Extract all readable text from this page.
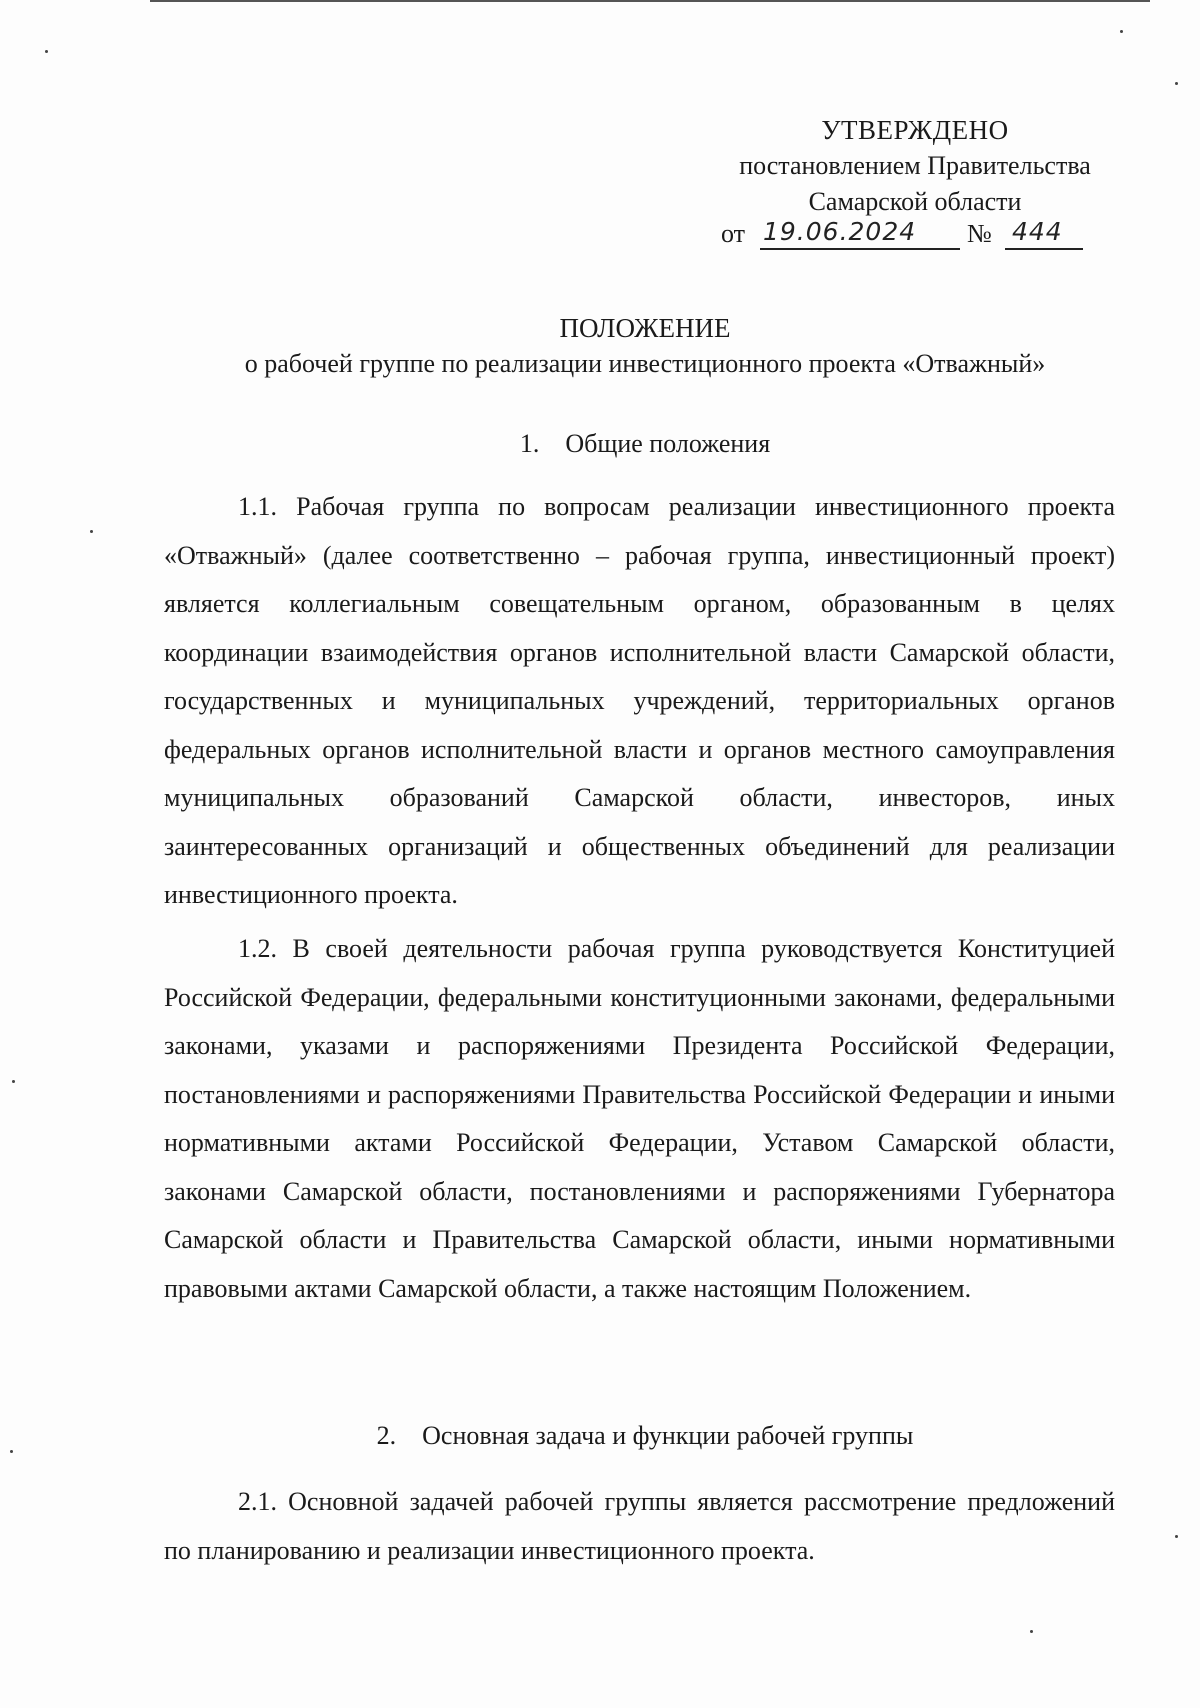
УТВЕРЖДЕНО
постановлением Правительства
Самарской области
от 19.06.2024 № 444
ПОЛОЖЕНИЕ
о рабочей группе по реализации инвестиционного проекта «Отважный»
1. Общие положения

1.1. Рабочая группа по вопросам реализации инвестиционного проекта «Отважный» (далее соответственно – рабочая группа, инвестиционный проект) является коллегиальным совещательным органом, образованным в целях координации взаимодействия органов исполнительной власти Самарской области, государственных и муниципальных учреждений, территориальных органов федеральных органов исполнительной власти и органов местного самоуправления муниципальных образований Самарской области, инвесторов, иных заинтересованных организаций и общественных объединений для реализации инвестиционного проекта.

1.2. В своей деятельности рабочая группа руководствуется Конституцией Российской Федерации, федеральными конституционными законами, федеральными законами, указами и распоряжениями Президента Российской Федерации, постановлениями и распоряжениями Правительства Российской Федерации и иными нормативными актами Российской Федерации, Уставом Самарской области, законами Самарской области, постановлениями и распоряжениями Губернатора Самарской области и Правительства Самарской области, иными нормативными правовыми актами Самарской области, а также настоящим Положением.

2. Основная задача и функции рабочей группы

2.1. Основной задачей рабочей группы является рассмотрение предложений по планированию и реализации инвестиционного проекта.
